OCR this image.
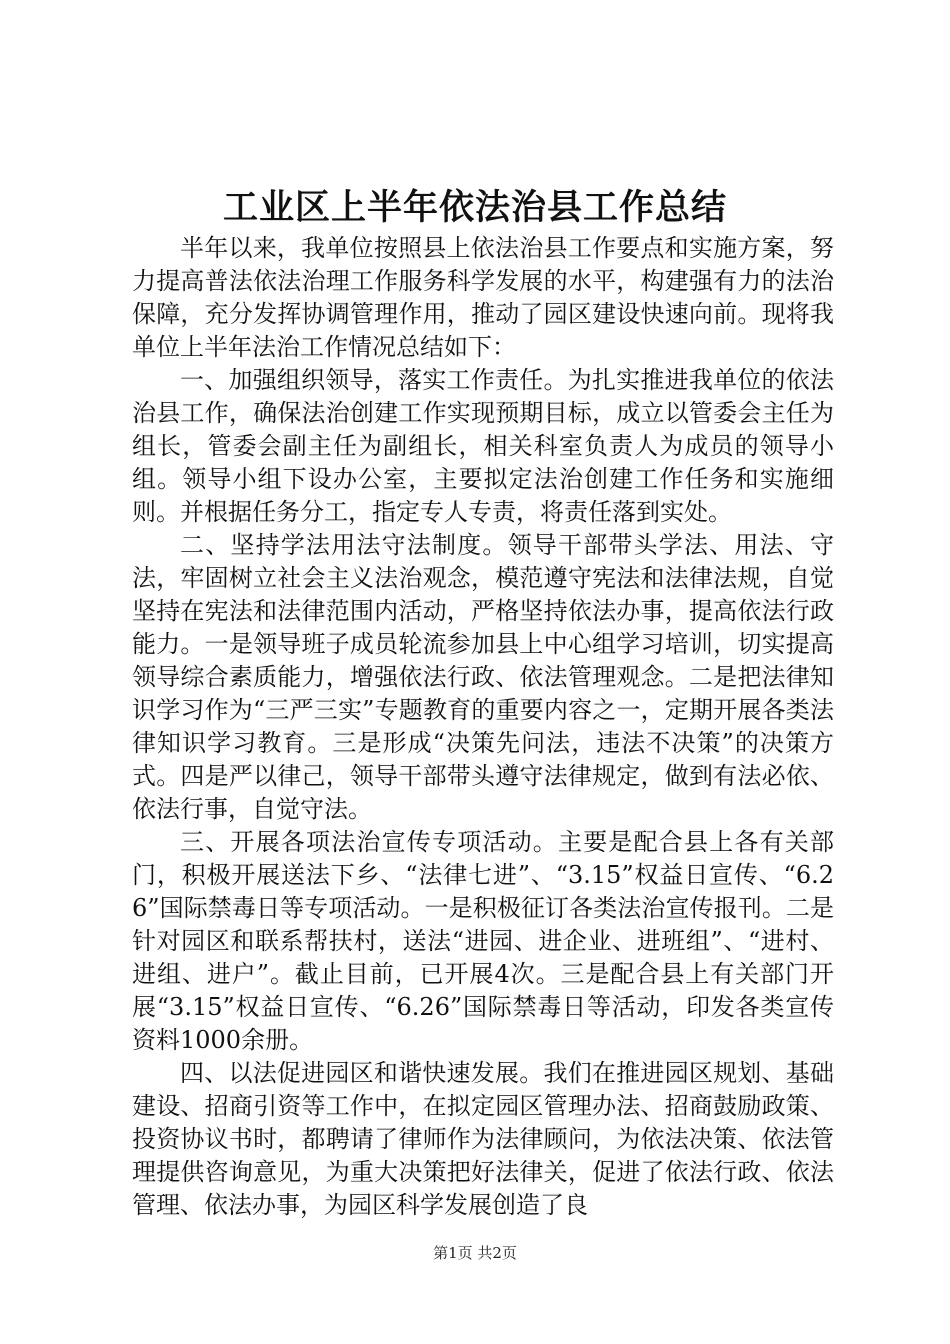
工业区上半年依法治县工作总结

半年以来，我单位按照县上依法治县工作要点和实施方案，努力提高普法依法治理工作服务科学发展的水平，构建强有力的法治保障，充分发挥协调管理作用，推动了园区建设快速向前。现将我单位上半年法治工作情况总结如下：

一、加强组织领导，落实工作责任。为扎实推进我单位的依法治县工作，确保法治创建工作实现预期目标，成立以管委会主任为组长，管委会副主任为副组长，相关科室负责人为成员的领导小组。领导小组下设办公室，主要拟定法治创建工作任务和实施细则。并根据任务分工，指定专人专责，将责任落到实处。

二、坚持学法用法守法制度。领导干部带头学法、用法、守法，牢固树立社会主义法治观念，模范遵守宪法和法律法规，自觉坚持在宪法和法律范围内活动，严格坚持依法办事，提高依法行政能力。一是领导班子成员轮流参加县上中心组学习培训，切实提高领导综合素质能力，增强依法行政、依法管理观念。二是把法律知识学习作为“三严三实”专题教育的重要内容之一，定期开展各类法律知识学习教育。三是形成“决策先问法，违法不决策”的决策方式。四是严以律己，领导干部带头遵守法律规定，做到有法必依、依法行事，自觉守法。

三、开展各项法治宣传专项活动。主要是配合县上各有关部门，积极开展送法下乡、“法律七进”、“3.15”权益日宣传、“6.26”国际禁毒日等专项活动。一是积极征订各类法治宣传报刊。二是针对园区和联系帮扶村，送法“进园、进企业、进班组”、“进村、进组、进户”。截止目前，已开展4次。三是配合县上有关部门开展“3.15”权益日宣传、“6.26”国际禁毒日等活动，印发各类宣传资料1000余册。

四、以法促进园区和谐快速发展。我们在推进园区规划、基础建设、招商引资等工作中，在拟定园区管理办法、招商鼓励政策、投资协议书时，都聘请了律师作为法律顾问，为依法决策、依法管理提供咨询意见，为重大决策把好法律关，促进了依法行政、依法管理、依法办事，为园区科学发展创造了良

第1页 共2页
